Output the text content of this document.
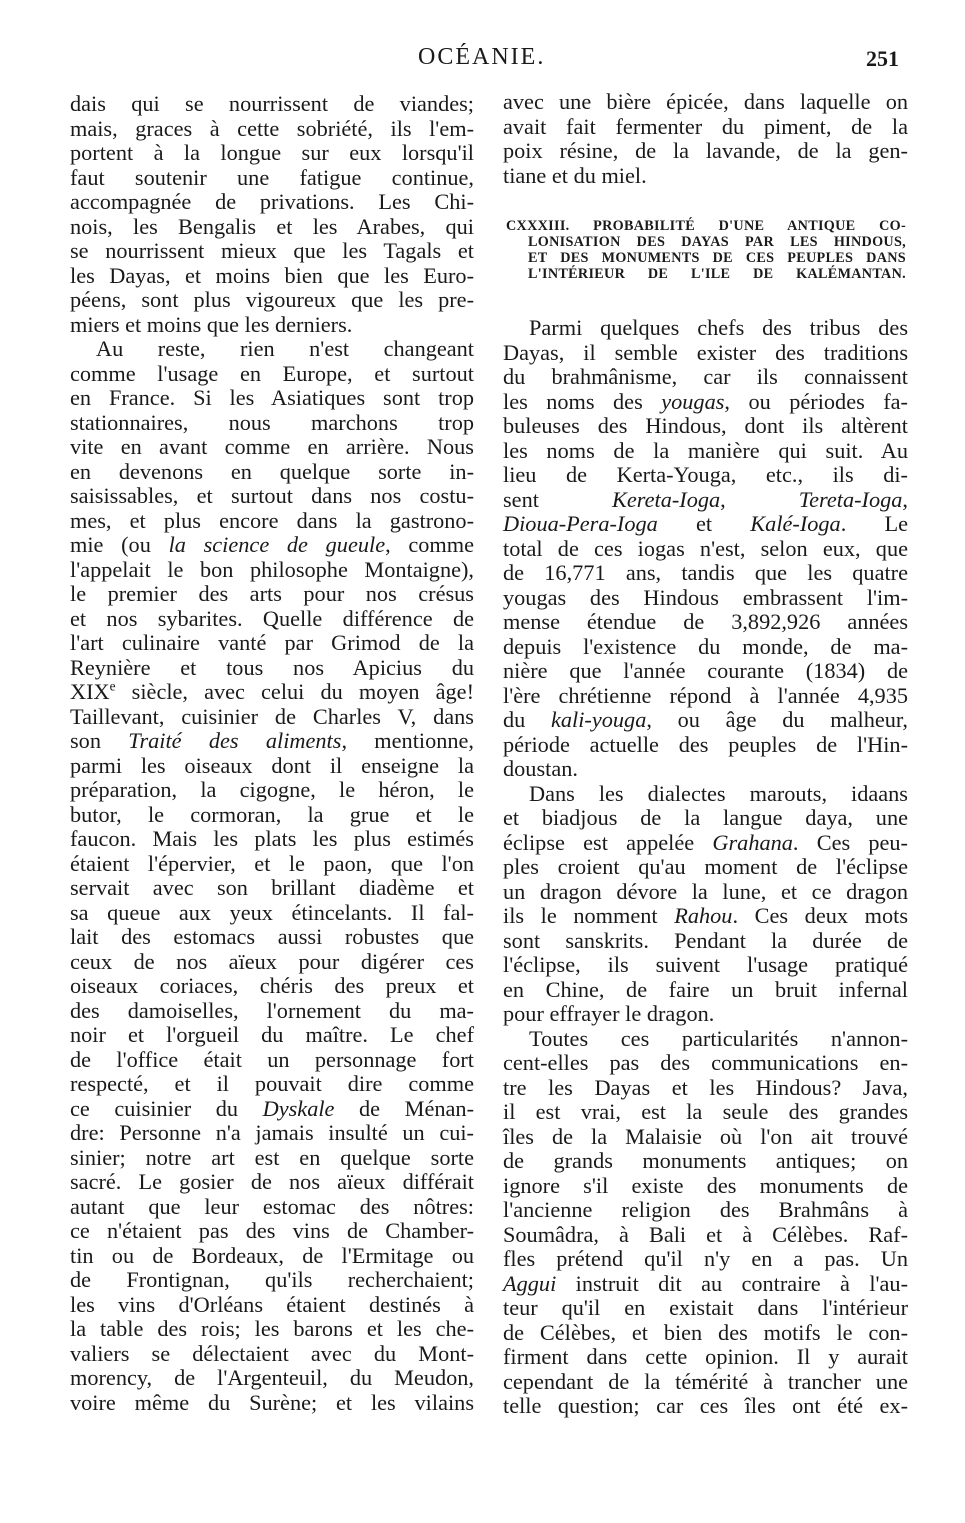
OCÉANIE.	251
dais qui se nourrissent de viandes;
mais, graces à cette sobriété, ils l'em-
portent à la longue sur eux lorsqu'il
faut soutenir une fatigue continue,
accompagnée de privations. Les Chi-
nois, les Bengalis et les Arabes, qui
se nourrissent mieux que les Tagals et
les Dayas, et moins bien que les Euro-
péens, sont plus vigoureux que les pre-
miers et moins que les derniers.
Au reste, rien n'est changeant
comme l'usage en Europe, et surtout
en France. Si les Asiatiques sont trop
stationnaires, nous marchons trop
vite en avant comme en arrière. Nous
en devenons en quelque sorte in-
saisissables, et surtout dans nos costu-
mes, et plus encore dans la gastrono-
mie (ou la science de gueule, comme
l'appelait le bon philosophe Montaigne),
le premier des arts pour nos crésus
et nos sybarites. Quelle différence de
l'art culinaire vanté par Grimod de la
Reynière et tous nos Apicius du
XIXe siècle, avec celui du moyen âge!
Taillevant, cuisinier de Charles V, dans
son Traité des aliments, mentionne,
parmi les oiseaux dont il enseigne la
préparation, la cigogne, le héron, le
butor, le cormoran, la grue et le
faucon. Mais les plats les plus estimés
étaient l'épervier, et le paon, que l'on
servait avec son brillant diadème et
sa queue aux yeux étincelants. Il fal-
lait des estomacs aussi robustes que
ceux de nos aïeux pour digérer ces
oiseaux coriaces, chéris des preux et
des damoiselles, l'ornement du ma-
noir et l'orgueil du maître. Le chef
de l'office était un personnage fort
respecté, et il pouvait dire comme
ce cuisinier du Dyskale de Ménan-
dre: Personne n'a jamais insulté un cui-
sinier; notre art est en quelque sorte
sacré. Le gosier de nos aïeux différait
autant que leur estomac des nôtres:
ce n'étaient pas des vins de Chamber-
tin ou de Bordeaux, de l'Ermitage ou
de Frontignan, qu'ils recherchaient;
les vins d'Orléans étaient destinés à
la table des rois; les barons et les che-
valiers se délectaient avec du Mont-
morency, de l'Argenteuil, du Meudon,
voire même du Surène; et les vilains
avec une bière épicée, dans laquelle on
avait fait fermenter du piment, de la
poix résine, de la lavande, de la gen-
tiane et du miel.
CXXXIII. PROBABILITÉ D'UNE ANTIQUE CO-
LONISATION DES DAYAS PAR LES HINDOUS,
ET DES MONUMENTS DE CES PEUPLES DANS
L'INTÉRIEUR DE L'ILE DE KALÉMANTAN.
Parmi quelques chefs des tribus des
Dayas, il semble exister des traditions
du brahmânisme, car ils connaissent
les noms des yougas, ou périodes fa-
buleuses des Hindous, dont ils altèrent
les noms de la manière qui suit. Au
lieu de Kerta-Youga, etc., ils di-
sent Kereta-Ioga, Tereta-Ioga,
Dioua-Pera-Ioga et Kalé-Ioga. Le
total de ces iogas n'est, selon eux, que
de 16,771 ans, tandis que les quatre
yougas des Hindous embrassent l'im-
mense étendue de 3,892,926 années
depuis l'existence du monde, de ma-
nière que l'année courante (1834) de
l'ère chrétienne répond à l'année 4,935
du kali-youga, ou âge du malheur,
période actuelle des peuples de l'Hin-
doustan.
Dans les dialectes marouts, idaans
et biadjous de la langue daya, une
éclipse est appelée Grahana. Ces peu-
ples croient qu'au moment de l'éclipse
un dragon dévore la lune, et ce dragon
ils le nomment Rahou. Ces deux mots
sont sanskrits. Pendant la durée de
l'éclipse, ils suivent l'usage pratiqué
en Chine, de faire un bruit infernal
pour effrayer le dragon.
Toutes ces particularités n'annon-
cent-elles pas des communications en-
tre les Dayas et les Hindous? Java,
il est vrai, est la seule des grandes
îles de la Malaisie où l'on ait trouvé
de grands monuments antiques; on
ignore s'il existe des monuments de
l'ancienne religion des Brahmâns à
Soumâdra, à Bali et à Célèbes. Raf-
fles prétend qu'il n'y en a pas. Un
Aggui instruit dit au contraire à l'au-
teur qu'il en existait dans l'intérieur
de Célèbes, et bien des motifs le con-
firment dans cette opinion. Il y aurait
cependant de la témérité à trancher une
telle question; car ces îles ont été ex-
